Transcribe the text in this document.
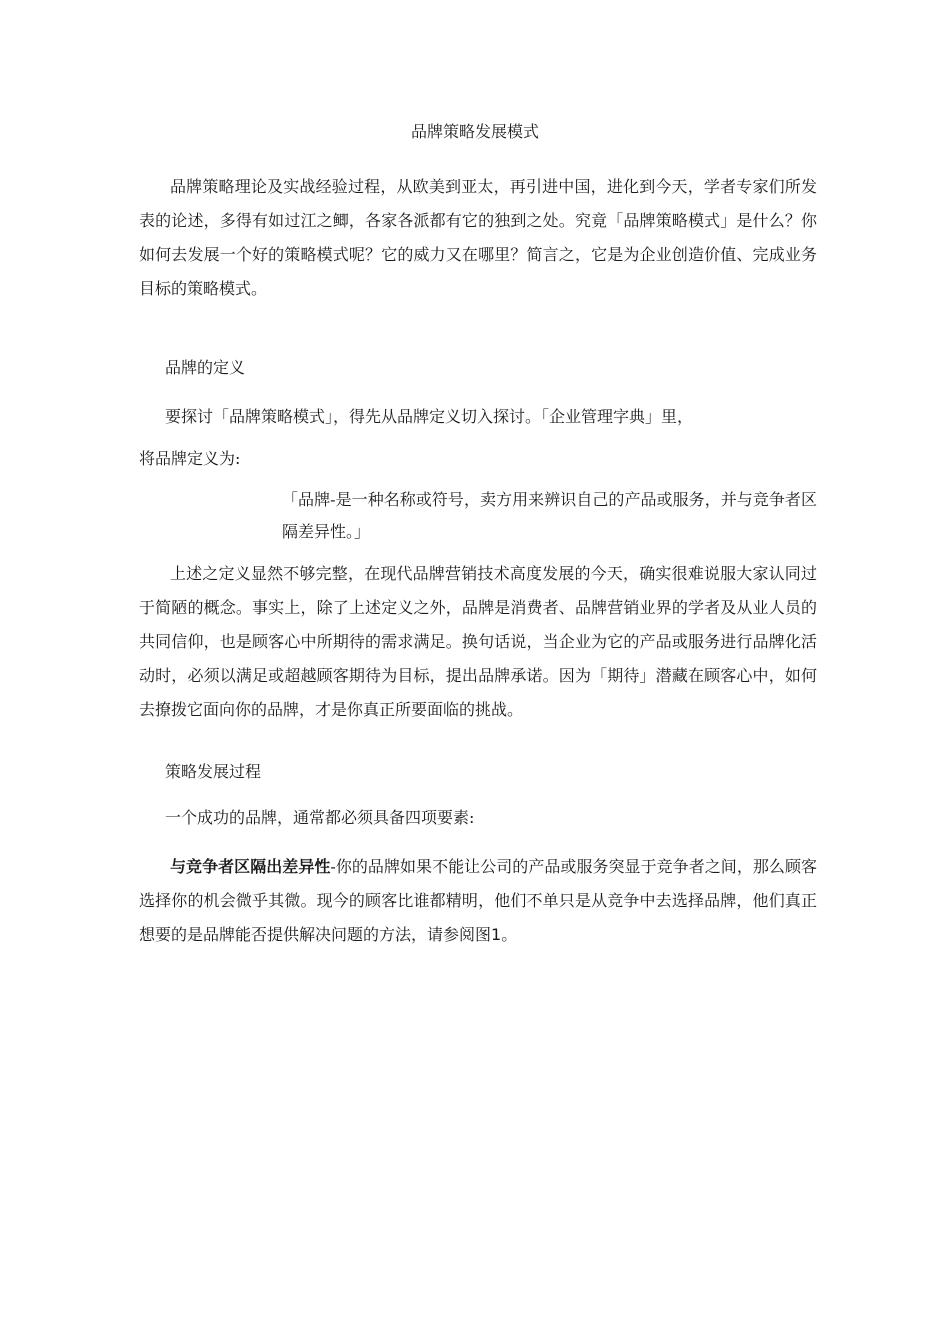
品牌策略发展模式

品牌策略理论及实战经验过程，从欧美到亚太，再引进中国，进化到今天，学者专家们所发表的论述，多得有如过江之鲫，各家各派都有它的独到之处。究竟「品牌策略模式」是什么？你如何去发展一个好的策略模式呢？它的威力又在哪里？简言之，它是为企业创造价值、完成业务目标的策略模式。

品牌的定义

要探讨「品牌策略模式」，得先从品牌定义切入探讨。「企业管理字典」里，

将品牌定义为:

「品牌-是一种名称或符号，卖方用来辨识自己的产品或服务，并与竞争者区隔差异性。」

上述之定义显然不够完整，在现代品牌营销技术高度发展的今天，确实很难说服大家认同过于简陋的概念。事实上，除了上述定义之外，品牌是消费者、品牌营销业界的学者及从业人员的共同信仰，也是顾客心中所期待的需求满足。换句话说，当企业为它的产品或服务进行品牌化活动时，必须以满足或超越顾客期待为目标，提出品牌承诺。因为「期待」潜藏在顾客心中，如何去撩拨它面向你的品牌，才是你真正所要面临的挑战。

策略发展过程

一个成功的品牌，通常都必须具备四项要素:

与竞争者区隔出差异性-你的品牌如果不能让公司的产品或服务突显于竞争者之间，那么顾客选择你的机会微乎其微。现今的顾客比谁都精明，他们不单只是从竞争中去选择品牌，他们真正想要的是品牌能否提供解决问题的方法，请参阅图1。
